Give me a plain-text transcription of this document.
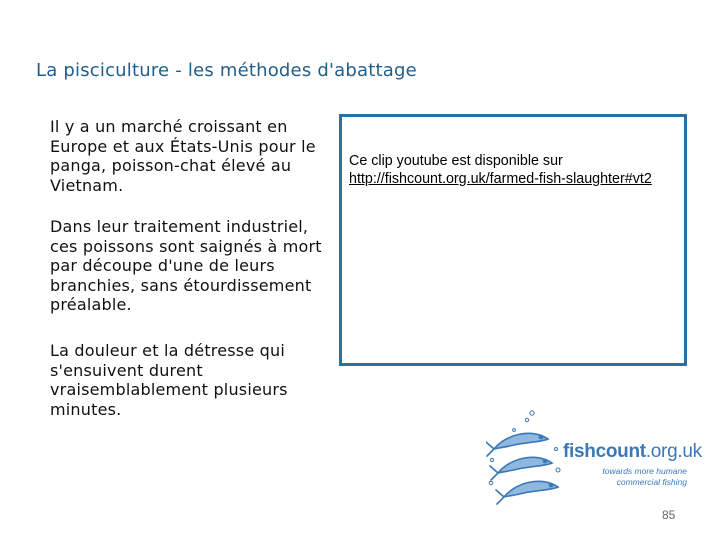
La pisciculture - les méthodes d'abattage

Il y a un marché croissant en Europe et aux États-Unis pour le panga, poisson-chat élevé au Vietnam.

Dans leur traitement industriel, ces poissons sont saignés à mort par découpe d'une de leurs branchies, sans étourdissement préalable.

La douleur et la détresse qui s'ensuivent durent vraisemblablement plusieurs minutes.

Ce clip youtube est disponible sur
http://fishcount.org.uk/farmed-fish-slaughter#vt2
fishcount.org.uk
towards more humane
commercial fishing
85
